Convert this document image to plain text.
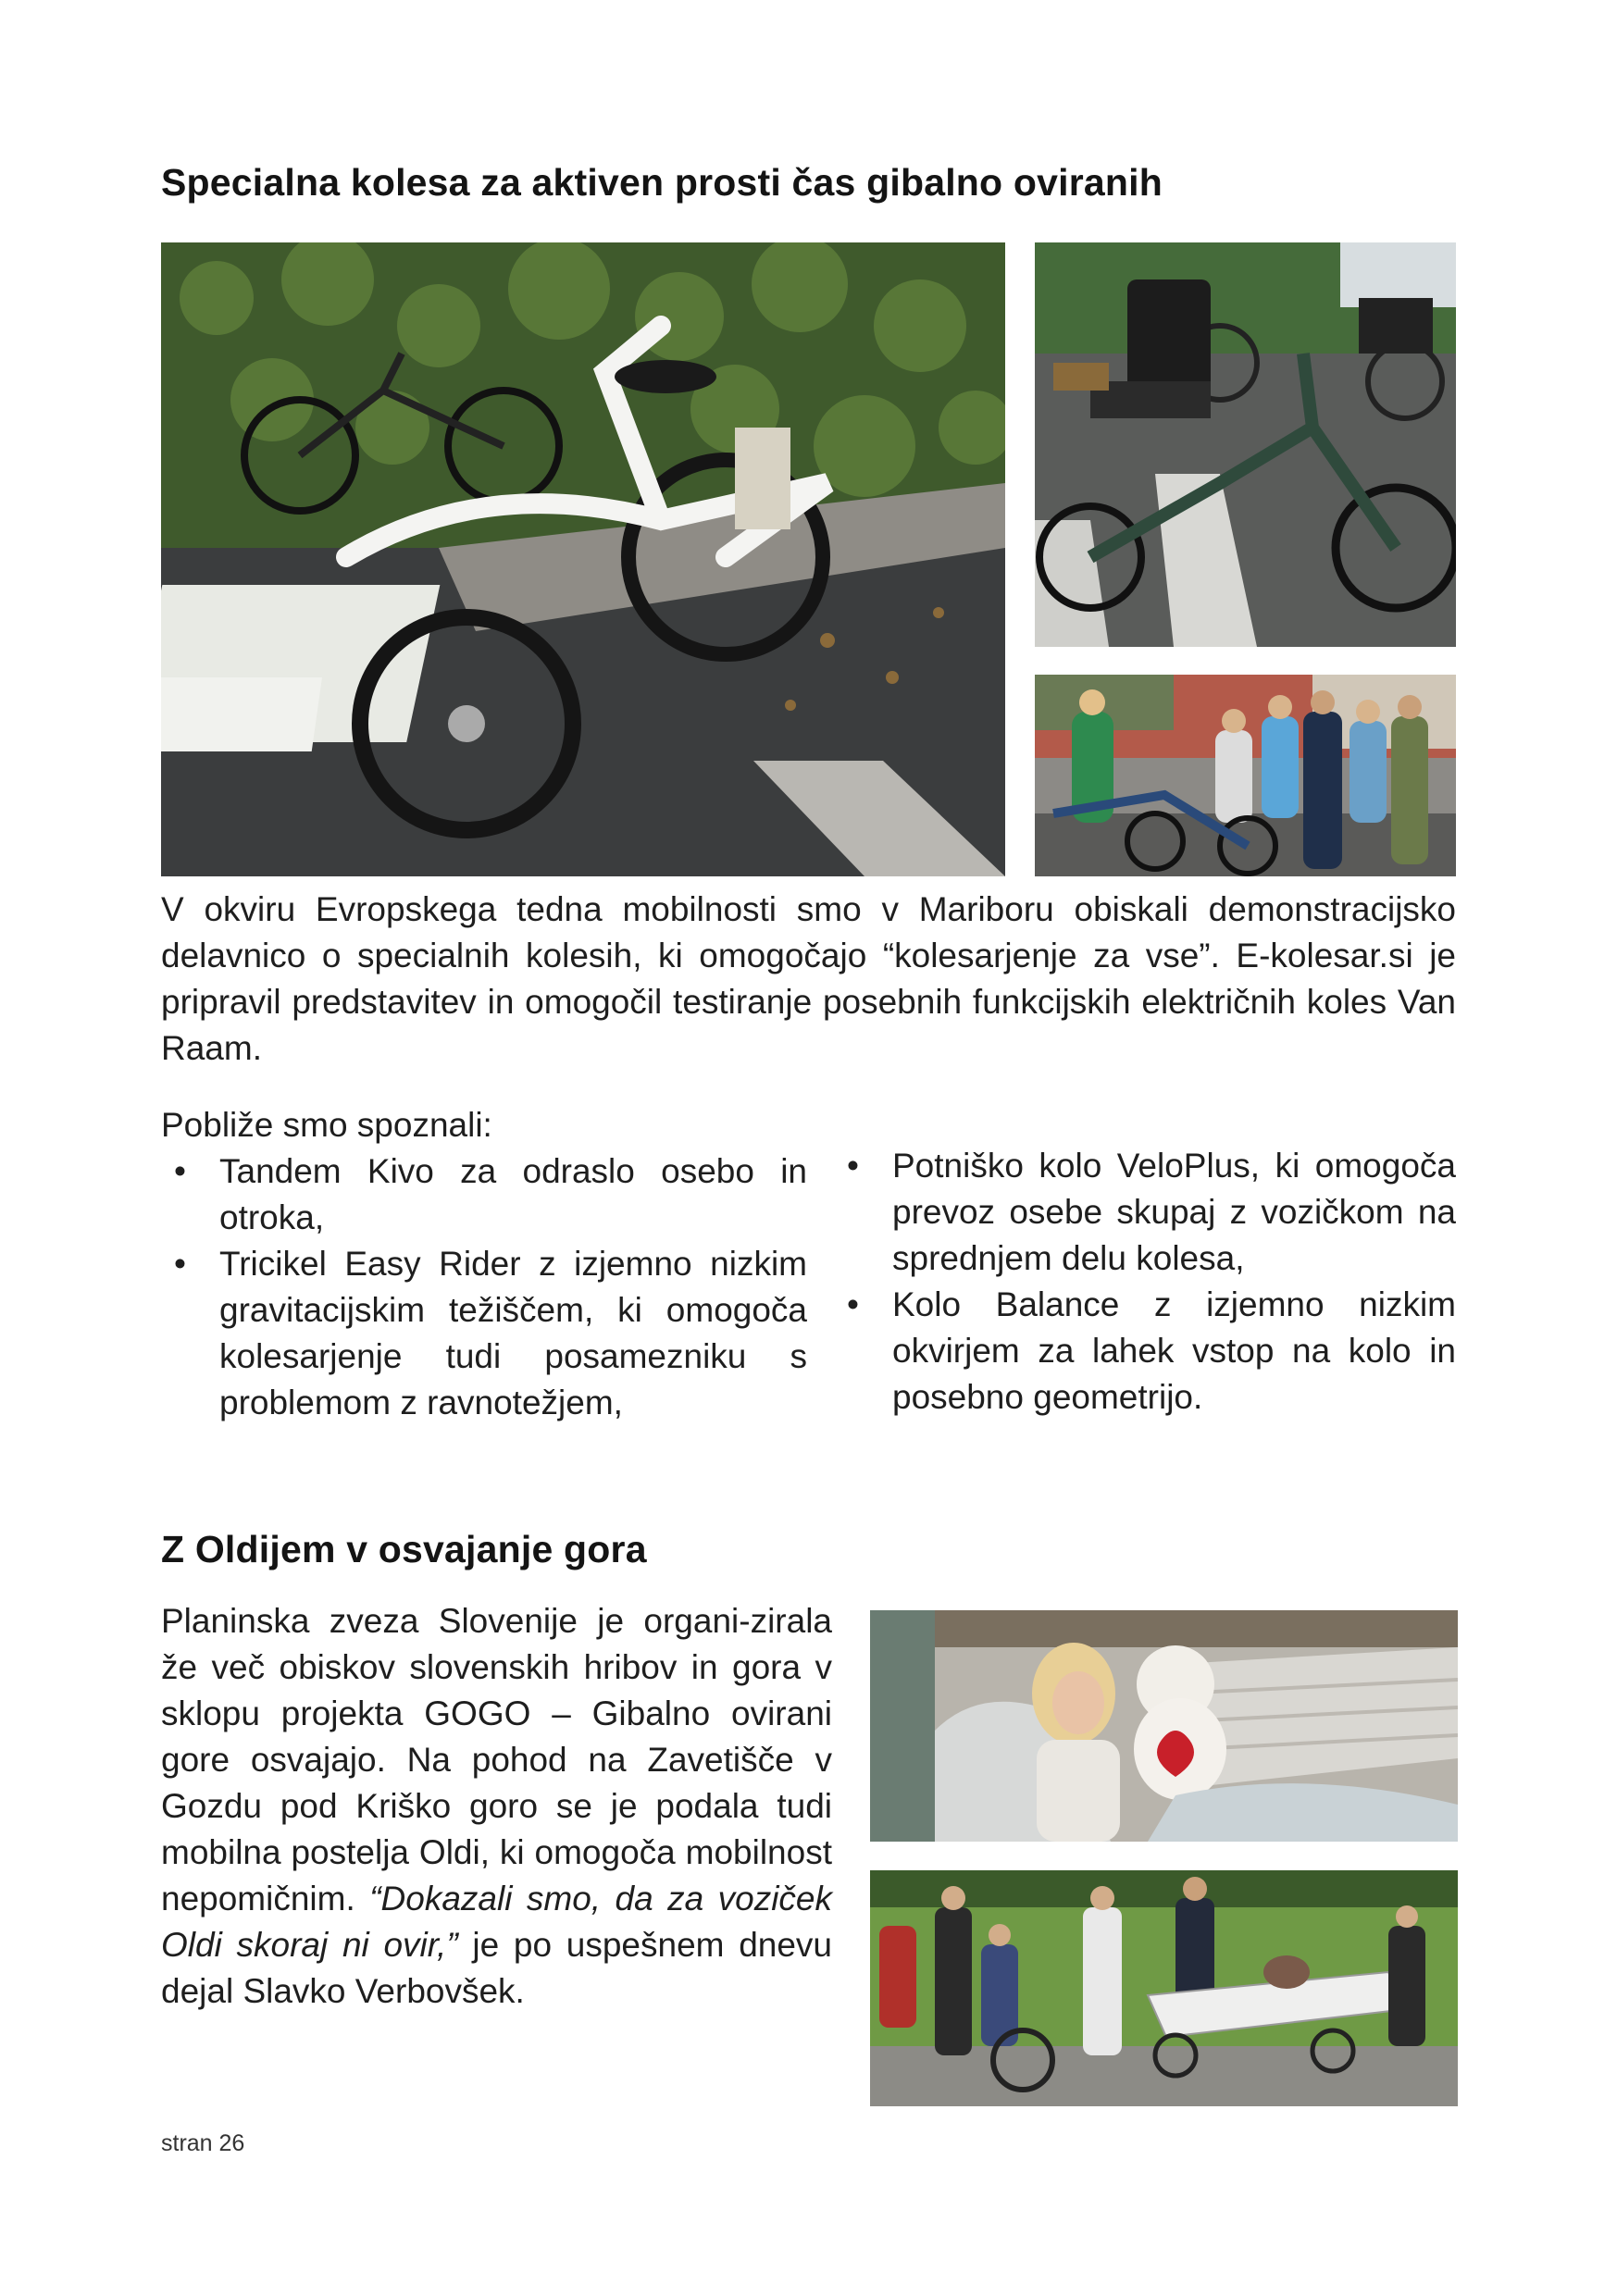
Specialna kolesa za aktiven prosti čas gibalno oviranih
V okviru Evropskega tedna mobilnosti smo v Mariboru obiskali demonstracijsko delavnico o specialnih kolesih, ki omogočajo “kolesarjenje za vse”. E-kolesar.si je pripravil predstavitev in omogočil testiranje posebnih funkcijskih električnih koles Van Raam.
Pobliže smo spoznali:
• Tandem Kivo za odraslo osebo in otroka,
• Tricikel Easy Rider z izjemno nizkim gravitacijskim težiščem, ki omogoča kolesarjenje tudi posamezniku s problemom z ravnotežjem,
• Potniško kolo VeloPlus, ki omogoča prevoz osebe skupaj z vozičkom na sprednjem delu kolesa,
• Kolo Balance z izjemno nizkim okvirjem za lahek vstop na kolo in posebno geometrijo.
Z Oldijem v osvajanje gora
Planinska zveza Slovenije je organi-zirala že več obiskov slovenskih hribov in gora v sklopu projekta GOGO – Gibalno ovirani gore osvajajo. Na pohod na Zavetišče v Gozdu pod Kriško goro se je podala tudi mobilna postelja Oldi, ki omogoča mobilnost nepomičnim. “Dokazali smo, da za voziček Oldi skoraj ni ovir,” je po uspešnem dnevu dejal Slavko Verbovšek.
stran 26
